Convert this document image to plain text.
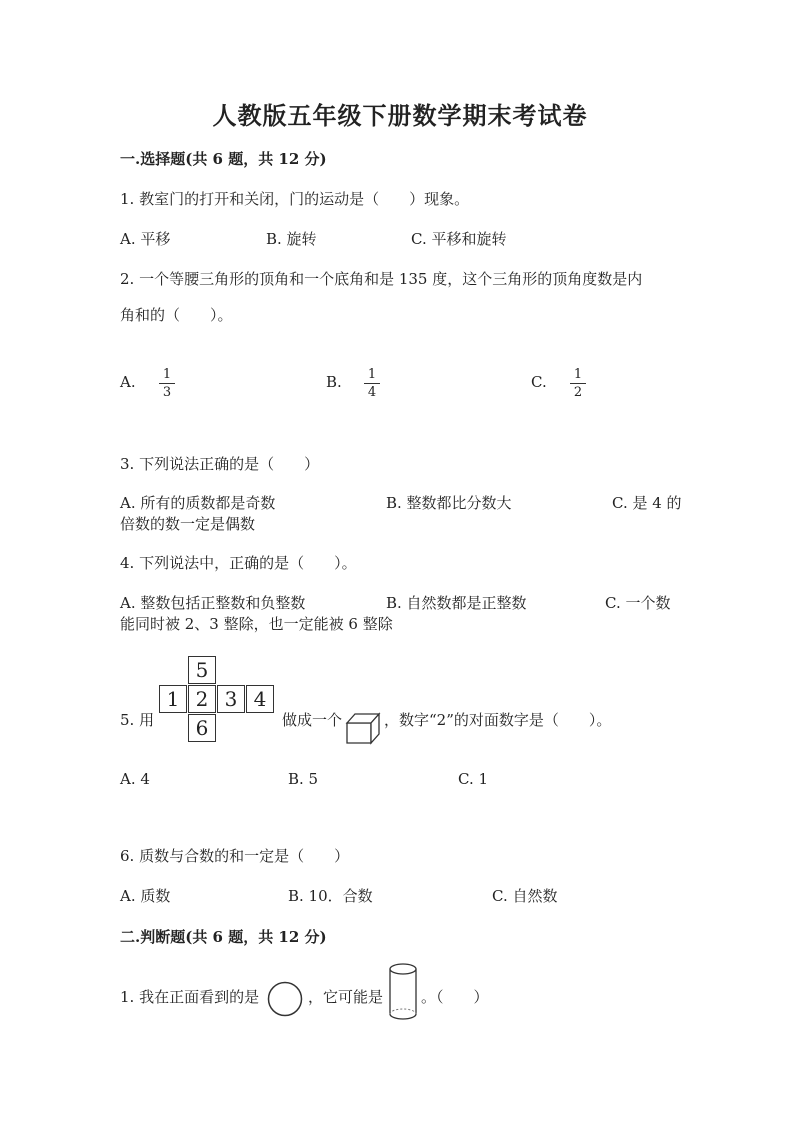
人教版五年级下册数学期末考试卷
一.选择题(共 6 题，共 12 分)
1. 教室门的打开和关闭，门的运动是（　　）现象。
A. 平移	B. 旋转	C. 平移和旋转
2. 一个等腰三角形的顶角和一个底角和是 135 度，这个三角形的顶角度数是内
角和的（　　）。
A. 1
3
B. 1
4
C. 1
2
3. 下列说法正确的是（　　）
A. 所有的质数都是奇数	B. 整数都比分数大	C. 是 4 的
倍数的数一定是偶数
4. 下列说法中，正确的是（　　）。
A. 整数包括正整数和负整数	B. 自然数都是正整数	C. 一个数
能同时被 2、3 整除，也一定能被 6 整除
5. 用
5
1 2 3 4
6	做成一个	，数字“2”的对面数字是（　　）。
A. 4	B. 5	C. 1
6. 质数与合数的和一定是（　　）
A. 质数	B. 10．合数	C. 自然数
二.判断题(共 6 题，共 12 分)
1. 我在正面看到的是	，它可能是	。（　　）
